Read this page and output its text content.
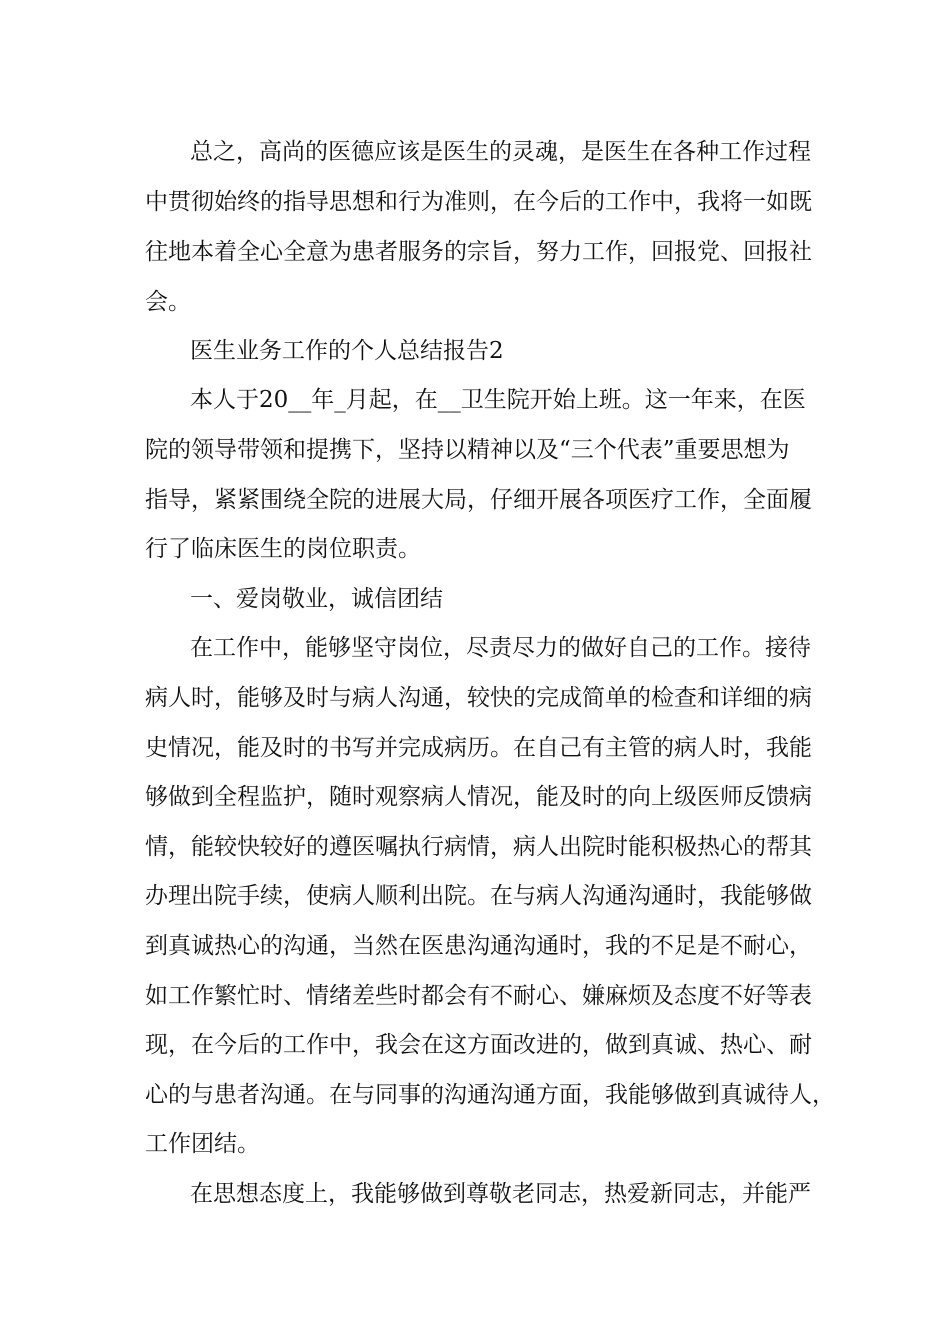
总之，高尚的医德应该是医生的灵魂，是医生在各种工作过程
中贯彻始终的指导思想和行为准则，在今后的工作中，我将一如既
往地本着全心全意为患者服务的宗旨，努力工作，回报党、回报社
会。
医生业务工作的个人总结报告2
本人于20__年_月起，在__卫生院开始上班。这一年来，在医
院的领导带领和提携下，坚持以精神以及“三个代表”重要思想为
指导，紧紧围绕全院的进展大局，仔细开展各项医疗工作，全面履
行了临床医生的岗位职责。
一、爱岗敬业，诚信团结
在工作中，能够坚守岗位，尽责尽力的做好自己的工作。接待
病人时，能够及时与病人沟通，较快的完成简单的检查和详细的病
史情况，能及时的书写并完成病历。在自己有主管的病人时，我能
够做到全程监护，随时观察病人情况，能及时的向上级医师反馈病
情，能较快较好的遵医嘱执行病情，病人出院时能积极热心的帮其
办理出院手续，使病人顺利出院。在与病人沟通沟通时，我能够做
到真诚热心的沟通，当然在医患沟通沟通时，我的不足是不耐心，
如工作繁忙时、情绪差些时都会有不耐心、嫌麻烦及态度不好等表
现，在今后的工作中，我会在这方面改进的，做到真诚、热心、耐
心的与患者沟通。在与同事的沟通沟通方面，我能够做到真诚待人，
工作团结。
在思想态度上，我能够做到尊敬老同志，热爱新同志，并能严
